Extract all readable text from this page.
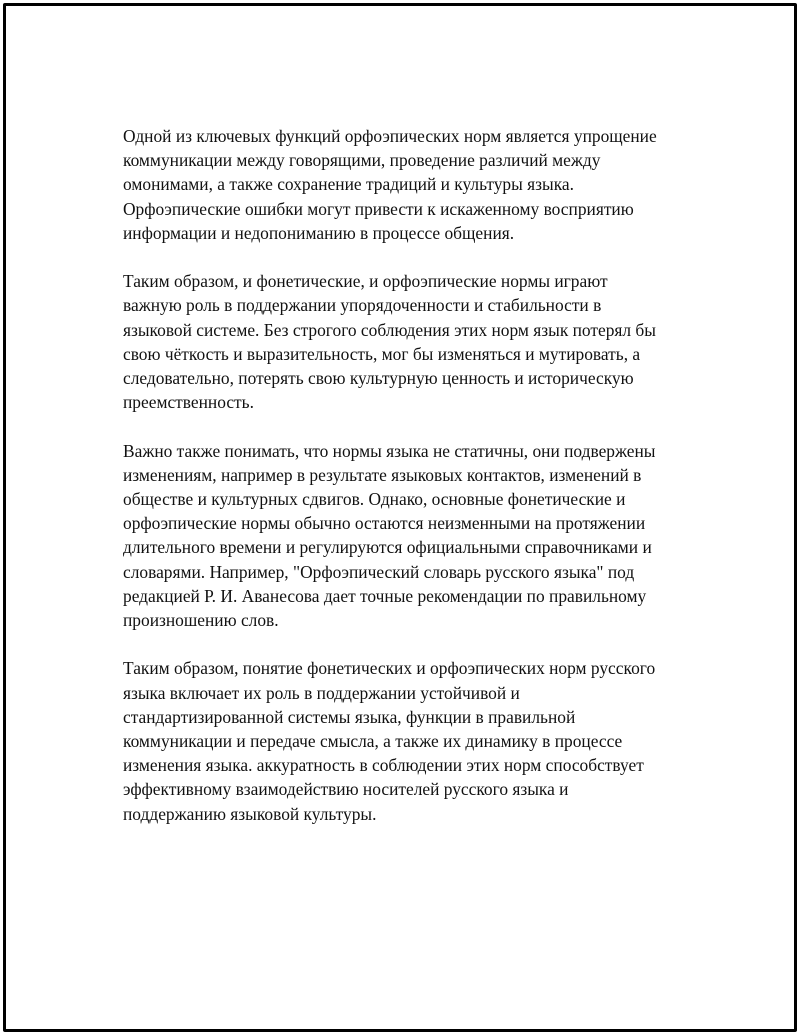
Одной из ключевых функций орфоэпических норм является упрощение
коммуникации между говорящими, проведение различий между
омонимами, а также сохранение традиций и культуры языка.
Орфоэпические ошибки могут привести к искаженному восприятию
информации и недопониманию в процессе общения.

Таким образом, и фонетические, и орфоэпические нормы играют
важную роль в поддержании упорядоченности и стабильности в
языковой системе. Без строгого соблюдения этих норм язык потерял бы
свою чёткость и выразительность, мог бы изменяться и мутировать, а
следовательно, потерять свою культурную ценность и историческую
преемственность.

Важно также понимать, что нормы языка не статичны, они подвержены
изменениям, например в результате языковых контактов, изменений в
обществе и культурных сдвигов. Однако, основные фонетические и
орфоэпические нормы обычно остаются неизменными на протяжении
длительного времени и регулируются официальными справочниками и
словарями. Например, "Орфоэпический словарь русского языка" под
редакцией Р. И. Аванесова дает точные рекомендации по правильному
произношению слов.

Таким образом, понятие фонетических и орфоэпических норм русского
языка включает их роль в поддержании устойчивой и
стандартизированной системы языка, функции в правильной
коммуникации и передаче смысла, а также их динамику в процессе
изменения языка. аккуратность в соблюдении этих норм способствует
эффективному взаимодействию носителей русского языка и
поддержанию языковой культуры.
